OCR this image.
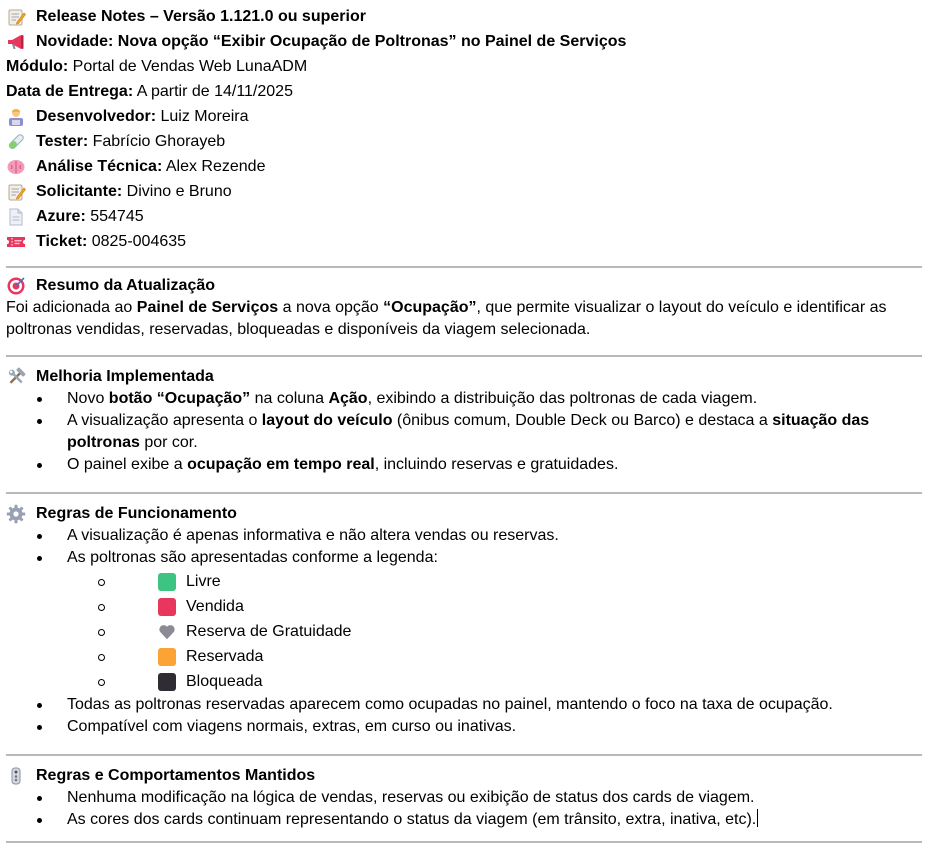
Release Notes – Versão 1.121.0 ou superior
Novidade: Nova opção “Exibir Ocupação de Poltronas” no Painel de Serviços
Módulo: Portal de Vendas Web LunaADM
Data de Entrega: A partir de 14/11/2025
Desenvolvedor: Luiz Moreira
Tester: Fabrício Ghorayeb
Análise Técnica: Alex Rezende
Solicitante: Divino e Bruno
Azure: 554745
Ticket: 0825-004635
Resumo da Atualização
Foi adicionada ao Painel de Serviços a nova opção “Ocupação”, que permite visualizar o layout do veículo e identificar as poltronas vendidas, reservadas, bloqueadas e disponíveis da viagem selecionada.
Melhoria Implementada
Novo botão “Ocupação” na coluna Ação, exibindo a distribuição das poltronas de cada viagem.
A visualização apresenta o layout do veículo (ônibus comum, Double Deck ou Barco) e destaca a situação das poltronas por cor.
O painel exibe a ocupação em tempo real, incluindo reservas e gratuidades.
Regras de Funcionamento
A visualização é apenas informativa e não altera vendas ou reservas.
As poltronas são apresentadas conforme a legenda:
Livre
Vendida
Reserva de Gratuidade
Reservada
Bloqueada
Todas as poltronas reservadas aparecem como ocupadas no painel, mantendo o foco na taxa de ocupação.
Compatível com viagens normais, extras, em curso ou inativas.
Regras e Comportamentos Mantidos
Nenhuma modificação na lógica de vendas, reservas ou exibição de status dos cards de viagem.
As cores dos cards continuam representando o status da viagem (em trânsito, extra, inativa, etc).
